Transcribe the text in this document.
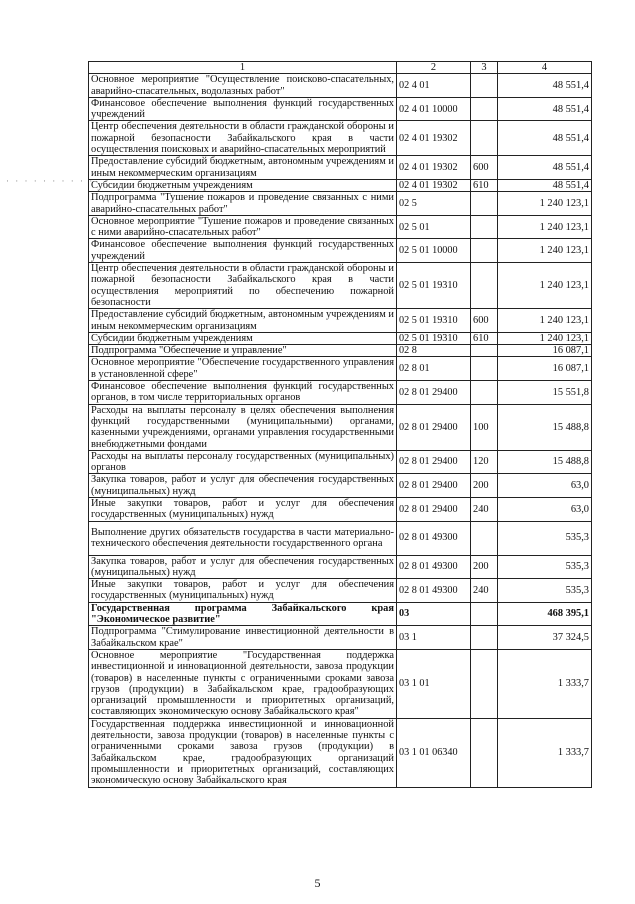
· · · · · · · · · ·
1	2	3	4
Основное мероприятие "Осуществление поисково-спасательных, аварийно-спасательных, водолазных работ"	02 4 01		48 551,4
Финансовое обеспечение выполнения функций государственных учреждений	02 4 01 10000		48 551,4
Центр обеспечения деятельности в области гражданской обороны и пожарной безопасности Забайкальского края в части осуществления поисковых и аварийно-спасательных мероприятий	02 4 01 19302		48 551,4
Предоставление субсидий бюджетным, автономным учреждениям и иным некоммерческим организациям	02 4 01 19302	600	48 551,4
Субсидии бюджетным учреждениям	02 4 01 19302	610	48 551,4
Подпрограмма "Тушение пожаров и проведение связанных с ними аварийно-спасательных работ"	02 5		1 240 123,1
Основное мероприятие "Тушение пожаров и проведение связанных с ними аварийно-спасательных работ"	02 5 01		1 240 123,1
Финансовое обеспечение выполнения функций государственных учреждений	02 5 01 10000		1 240 123,1
Центр обеспечения деятельности в области гражданской обороны и пожарной безопасности Забайкальского края в части осуществления мероприятий по обеспечению пожарной безопасности	02 5 01 19310		1 240 123,1
Предоставление субсидий бюджетным, автономным учреждениям и иным некоммерческим организациям	02 5 01 19310	600	1 240 123,1
Субсидии бюджетным учреждениям	02 5 01 19310	610	1 240 123,1
Подпрограмма "Обеспечение и управление"	02 8		16 087,1
Основное мероприятие "Обеспечение государственного управления в установленной сфере"	02 8 01		16 087,1
Финансовое обеспечение выполнения функций государственных органов, в том числе территориальных органов	02 8 01 29400		15 551,8
Расходы на выплаты персоналу в целях обеспечения выполнения функций государственными (муниципальными) органами, казенными учреждениями, органами управления государственными внебюджетными фондами	02 8 01 29400	100	15 488,8
Расходы на выплаты персоналу государственных (муниципальных) органов	02 8 01 29400	120	15 488,8
Закупка товаров, работ и услуг для обеспечения государственных (муниципальных) нужд	02 8 01 29400	200	63,0
Иные закупки товаров, работ и услуг для обеспечения государственных (муниципальных) нужд	02 8 01 29400	240	63,0
Выполнение других обязательств государства в части материально-технического обеспечения деятельности государственного органа	02 8 01 49300		535,3
Закупка товаров, работ и услуг для обеспечения государственных (муниципальных) нужд	02 8 01 49300	200	535,3
Иные закупки товаров, работ и услуг для обеспечения государственных (муниципальных) нужд	02 8 01 49300	240	535,3
Государственная программа Забайкальского края "Экономическое развитие"	03		468 395,1
Подпрограмма "Стимулирование инвестиционной деятельности в Забайкальском крае"	03 1		37 324,5
Основное мероприятие "Государственная поддержка инвестиционной и инновационной деятельности, завоза продукции (товаров) в населенные пункты с ограниченными сроками завоза грузов (продукции) в Забайкальском крае, градообразующих организаций промышленности и приоритетных организаций, составляющих экономическую основу Забайкальского края"	03 1 01		1 333,7
Государственная поддержка инвестиционной и инновационной деятельности, завоза продукции (товаров) в населенные пункты с ограниченными сроками завоза грузов (продукции) в Забайкальском крае, градообразующих организаций промышленности и приоритетных организаций, составляющих экономическую основу Забайкальского края	03 1 01 06340		1 333,7
5
